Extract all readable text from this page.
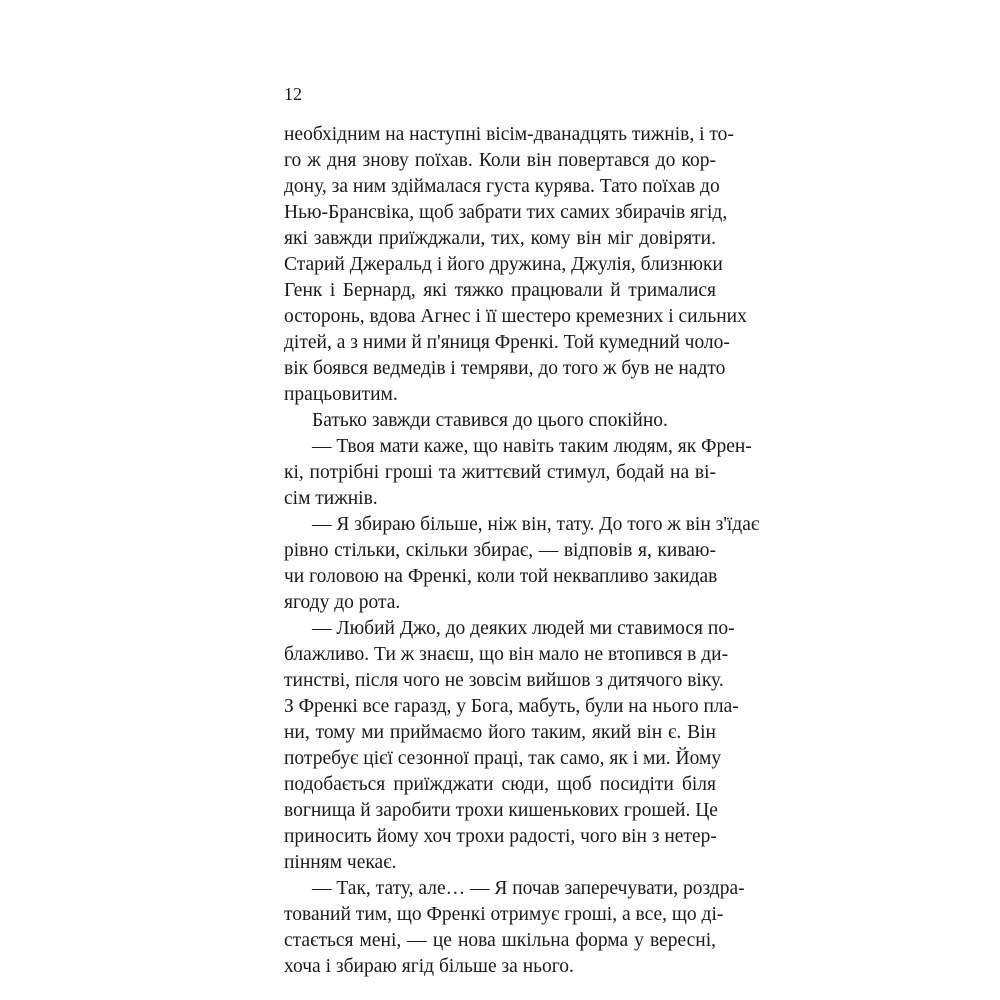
12
необхідним на наступні вісім-дванадцять тижнів, і то-
го ж дня знову поїхав. Коли він повертався до кор-
дону, за ним здіймалася густа курява. Тато поїхав до
Нью-Брансвіка, щоб забрати тих самих збирачів ягід,
які завжди приїжджали, тих, кому він міг довіряти.
Старий Джеральд і його дружина, Джулія, близнюки
Генк і Бернард, які тяжко працювали й трималися
осторонь, вдова Агнес і її шестеро кремезних і сильних
дітей, а з ними й п'яниця Френкі. Той кумедний чоло-
вік боявся ведмедів і темряви, до того ж був не надто
працьовитим.
Батько завжди ставився до цього спокійно.
— Твоя мати каже, що навіть таким людям, як Френ-
кі, потрібні гроші та життєвий стимул, бодай на ві-
сім тижнів.
— Я збираю більше, ніж він, тату. До того ж він з'їдає
рівно стільки, скільки збирає, — відповів я, киваю-
чи головою на Френкі, коли той неквапливо закидав
ягоду до рота.
— Любий Джо, до деяких людей ми ставимося по-
блажливо. Ти ж знаєш, що він мало не втопився в ди-
тинстві, після чого не зовсім вийшов з дитячого віку.
З Френкі все гаразд, у Бога, мабуть, були на нього пла-
ни, тому ми приймаємо його таким, який він є. Він
потребує цієї сезонної праці, так само, як і ми. Йому
подобається приїжджати сюди, щоб посидіти біля
вогнища й заробити трохи кишенькових грошей. Це
приносить йому хоч трохи радості, чого він з нетер-
пінням чекає.
— Так, тату, але… — Я почав заперечувати, роздра-
тований тим, що Френкі отримує гроші, а все, що ді-
стається мені, — це нова шкільна форма у вересні,
хоча і збираю ягід більше за нього.
